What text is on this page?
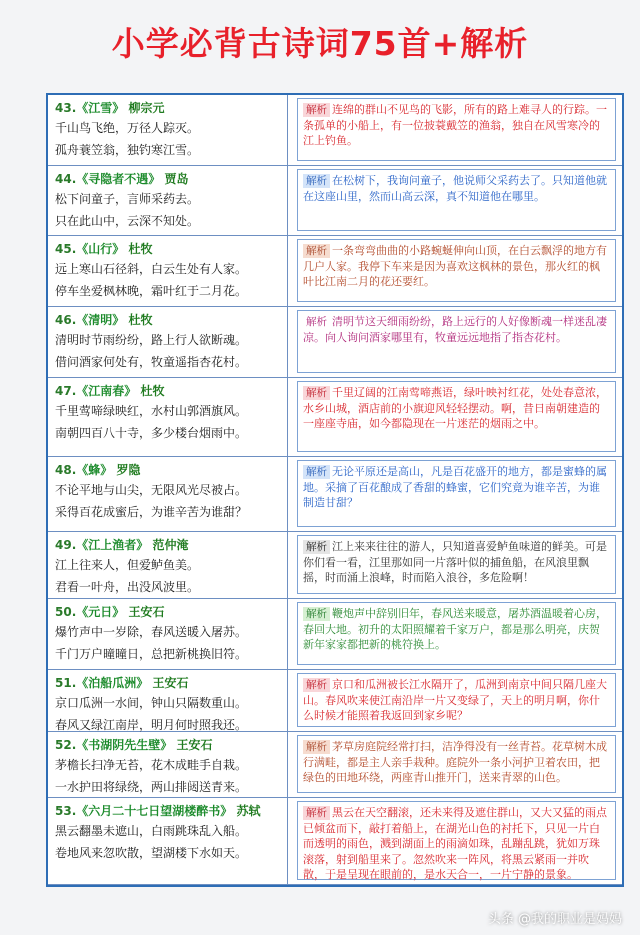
小学必背古诗词75首+解析
43.《江雪》 柳宗元
千山鸟飞绝，万径人踪灭。
孤舟蓑笠翁，独钓寒江雪。
解析 连绵的群山不见鸟的飞影，所有的路上难寻人的行踪。一条孤单的小船上，有一位披蓑戴笠的渔翁，独自在风雪寒冷的江上钓鱼。
44.《寻隐者不遇》 贾岛
松下问童子，言师采药去。
只在此山中，云深不知处。
解析 在松树下，我询问童子，他说师父采药去了。只知道他就在这座山里，然而山高云深，真不知道他在哪里。
45.《山行》 杜牧
远上寒山石径斜，白云生处有人家。
停车坐爱枫林晚，霜叶红于二月花。
解析 一条弯弯曲曲的小路蜿蜒伸向山顶，在白云飘浮的地方有几户人家。我停下车来是因为喜欢这枫林的景色，那火红的枫叶比江南二月的花还要红。
46.《清明》 杜牧
清明时节雨纷纷，路上行人欲断魂。
借问酒家何处有，牧童遥指杏花村。
解析 清明节这天细雨纷纷，路上远行的人好像断魂一样迷乱凄凉。向人询问酒家哪里有，牧童远远地指了指杏花村。
47.《江南春》 杜牧
千里莺啼绿映红，水村山郭酒旗风。
南朝四百八十寺，多少楼台烟雨中。
解析 千里辽阔的江南莺啼燕语，绿叶映衬红花，处处春意浓，水乡山城，酒店前的小旗迎风轻轻摆动。啊，昔日南朝建造的一座座寺庙，如今都隐现在一片迷茫的烟雨之中。
48.《蜂》 罗隐
不论平地与山尖，无限风光尽被占。
采得百花成蜜后，为谁辛苦为谁甜？
解析 无论平原还是高山，凡是百花盛开的地方，都是蜜蜂的属地。采摘了百花酿成了香甜的蜂蜜，它们究竟为谁辛苦，为谁制造甘甜？
49.《江上渔者》 范仲淹
江上往来人，但爱鲈鱼美。
君看一叶舟，出没风波里。
解析 江上来来往往的游人，只知道喜爱鲈鱼味道的鲜美。可是你们看一看，江里那如同一片落叶似的捕鱼船，在风浪里飘摇，时而涌上浪峰，时而陷入浪谷，多危险啊！
50.《元日》 王安石
爆竹声中一岁除，春风送暖入屠苏。
千门万户曈曈日，总把新桃换旧符。
解析 鞭炮声中辞别旧年，春风送来暖意，屠苏酒温暖着心房，春回大地。初升的太阳照耀着千家万户，都是那么明亮，庆贺新年家家都把新的桃符换上。
51.《泊船瓜洲》 王安石
京口瓜洲一水间，钟山只隔数重山。
春风又绿江南岸，明月何时照我还。
解析 京口和瓜洲被长江水隔开了，瓜洲到南京中间只隔几座大山。春风吹来使江南沿岸一片又变绿了，天上的明月啊，你什么时候才能照着我返回到家乡呢？
52.《书湖阴先生壁》 王安石
茅檐长扫净无苔，花木成畦手自栽。
一水护田将绿绕，两山排闼送青来。
解析 茅草房庭院经常打扫，洁净得没有一丝青苔。花草树木成行满畦，都是主人亲手栽种。庭院外一条小河护卫着农田，把绿色的田地环绕，两座青山推开门，送来青翠的山色。
53.《六月二十七日望湖楼醉书》 苏轼
黑云翻墨未遮山，白雨跳珠乱入船。
卷地风来忽吹散，望湖楼下水如天。
解析 黑云在天空翻滚，还未来得及遮住群山，又大又猛的雨点已倾盆而下，敲打着船上，在湖光山色的衬托下，只见一片白而透明的雨色，溅到湖面上的雨滴如珠，乱蹦乱跳，犹如万珠滚落，射到船里来了。忽然吹来一阵风，将黑云紧雨一并吹散，于是呈现在眼前的，是水天合一，一片宁静的景象。
头条 @我的职业是妈妈
